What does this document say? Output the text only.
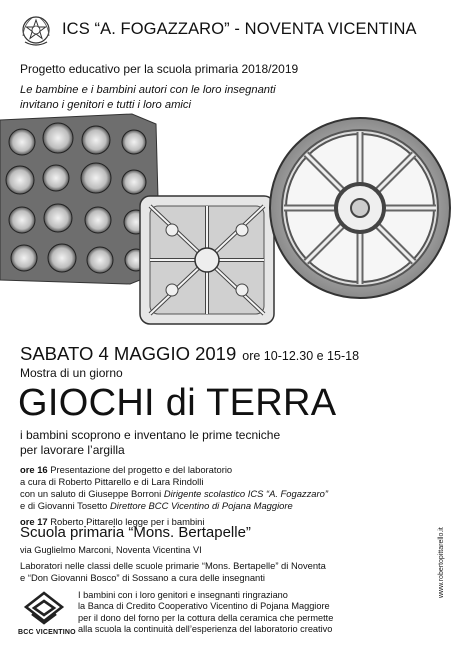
ICS “A. FOGAZZARO” - NOVENTA VICENTINA
Progetto educativo per la scuola primaria 2018/2019
Le bambine e i bambini autori con le loro insegnanti
invitano i genitori e tutti i loro amici
SABATO 4 MAGGIO 2019 ore 10-12.30 e 15-18
Mostra di un giorno
GIOCHI di TERRA
i bambini scoprono e inventano le prime tecniche
per lavorare l’argilla
ore 16 Presentazione del progetto e del laboratorio
a cura di Roberto Pittarello e di Lara Rindolli
con un saluto di Giuseppe Borroni Dirigente scolastico ICS “A. Fogazzaro”
e di Giovanni Tosetto Direttore BCC Vicentino di Pojana Maggiore
ore 17 Roberto Pittarello legge per i bambini
Scuola primaria “Mons. Bertapelle”
via Guglielmo Marconi, Noventa Vicentina VI
Laboratori nelle classi delle scuole primarie “Mons. Bertapelle” di Noventa
e “Don Giovanni Bosco” di Sossano a cura delle insegnanti
BCC VICENTINO
I bambini con i loro genitori e insegnanti ringraziano
la Banca di Credito Cooperativo Vicentino di Pojana Maggiore
per il dono del forno per la cottura della ceramica che permette
alla scuola la continuità dell’esperienza del laboratorio creativo
www.robertopittarello.it
